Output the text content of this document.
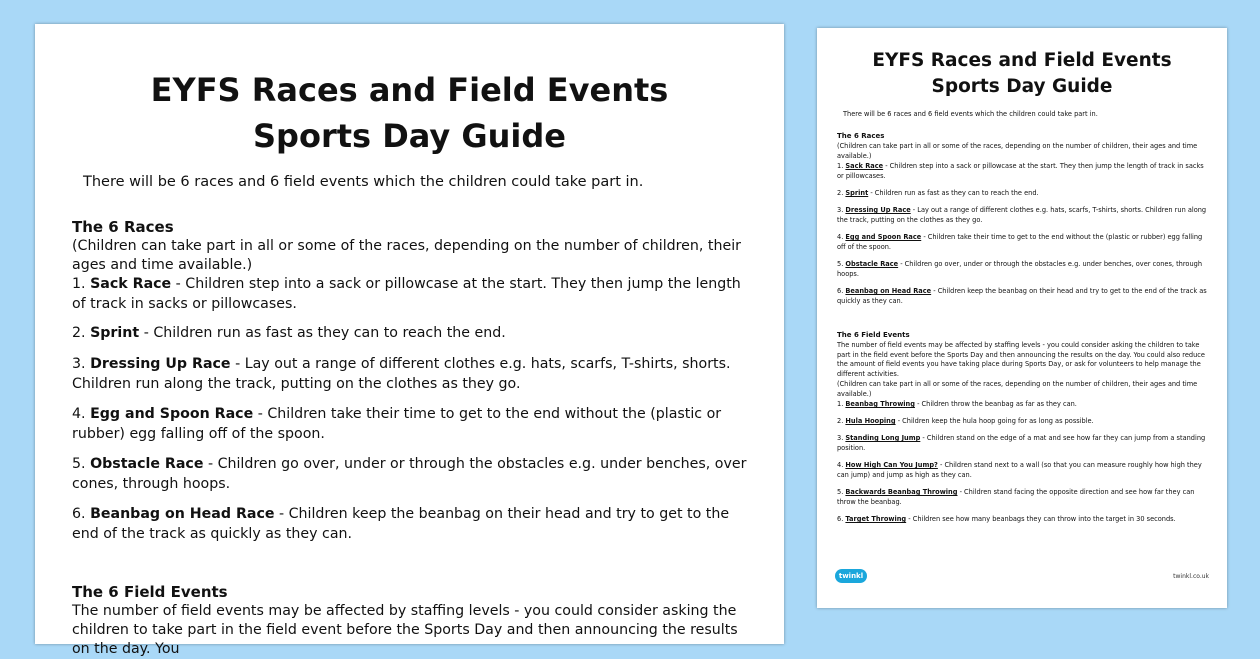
EYFS Races and Field Events
Sports Day Guide
There will be 6 races and 6 field events which the children could take part in.
The 6 Races
(Children can take part in all or some of the races, depending on the number of children, their ages and time available.)
1. Sack Race - Children step into a sack or pillowcase at the start. They then jump the length of track in sacks or pillowcases.
2. Sprint - Children run as fast as they can to reach the end.
3. Dressing Up Race - Lay out a range of different clothes e.g. hats, scarfs, T-shirts, shorts. Children run along the track, putting on the clothes as they go.
4. Egg and Spoon Race - Children take their time to get to the end without the (plastic or rubber) egg falling off of the spoon.
5. Obstacle Race - Children go over, under or through the obstacles e.g. under benches, over cones, through hoops.
6. Beanbag on Head Race - Children keep the beanbag on their head and try to get to the end of the track as quickly as they can.
The 6 Field Events
The number of field events may be affected by staffing levels - you could consider asking the children to take part in the field event before the Sports Day and then announcing the results on the day. You
EYFS Races and Field Events
Sports Day Guide
There will be 6 races and 6 field events which the children could take part in.
The 6 Races
(Children can take part in all or some of the races, depending on the number of children, their ages and time available.)
1. Sack Race - Children step into a sack or pillowcase at the start. They then jump the length of track in sacks or pillowcases.
2. Sprint - Children run as fast as they can to reach the end.
3. Dressing Up Race - Lay out a range of different clothes e.g. hats, scarfs, T-shirts, shorts. Children run along the track, putting on the clothes as they go.
4. Egg and Spoon Race - Children take their time to get to the end without the (plastic or rubber) egg falling off of the spoon.
5. Obstacle Race - Children go over, under or through the obstacles e.g. under benches, over cones, through hoops.
6. Beanbag on Head Race - Children keep the beanbag on their head and try to get to the end of the track as quickly as they can.
The 6 Field Events
The number of field events may be affected by staffing levels - you could consider asking the children to take part in the field event before the Sports Day and then announcing the results on the day. You could also reduce the amount of field events you have taking place during Sports Day, or ask for volunteers to help manage the different activities.
(Children can take part in all or some of the races, depending on the number of children, their ages and time available.)
1. Beanbag Throwing - Children throw the beanbag as far as they can.
2. Hula Hooping - Children keep the hula hoop going for as long as possible.
3. Standing Long Jump - Children stand on the edge of a mat and see how far they can jump from a standing position.
4. How High Can You Jump? - Children stand next to a wall (so that you can measure roughly how high they can jump) and jump as high as they can.
5. Backwards Beanbag Throwing - Children stand facing the opposite direction and see how far they can throw the beanbag.
6. Target Throwing - Children see how many beanbags they can throw into the target in 30 seconds.
twinkl	twinkl.co.uk
